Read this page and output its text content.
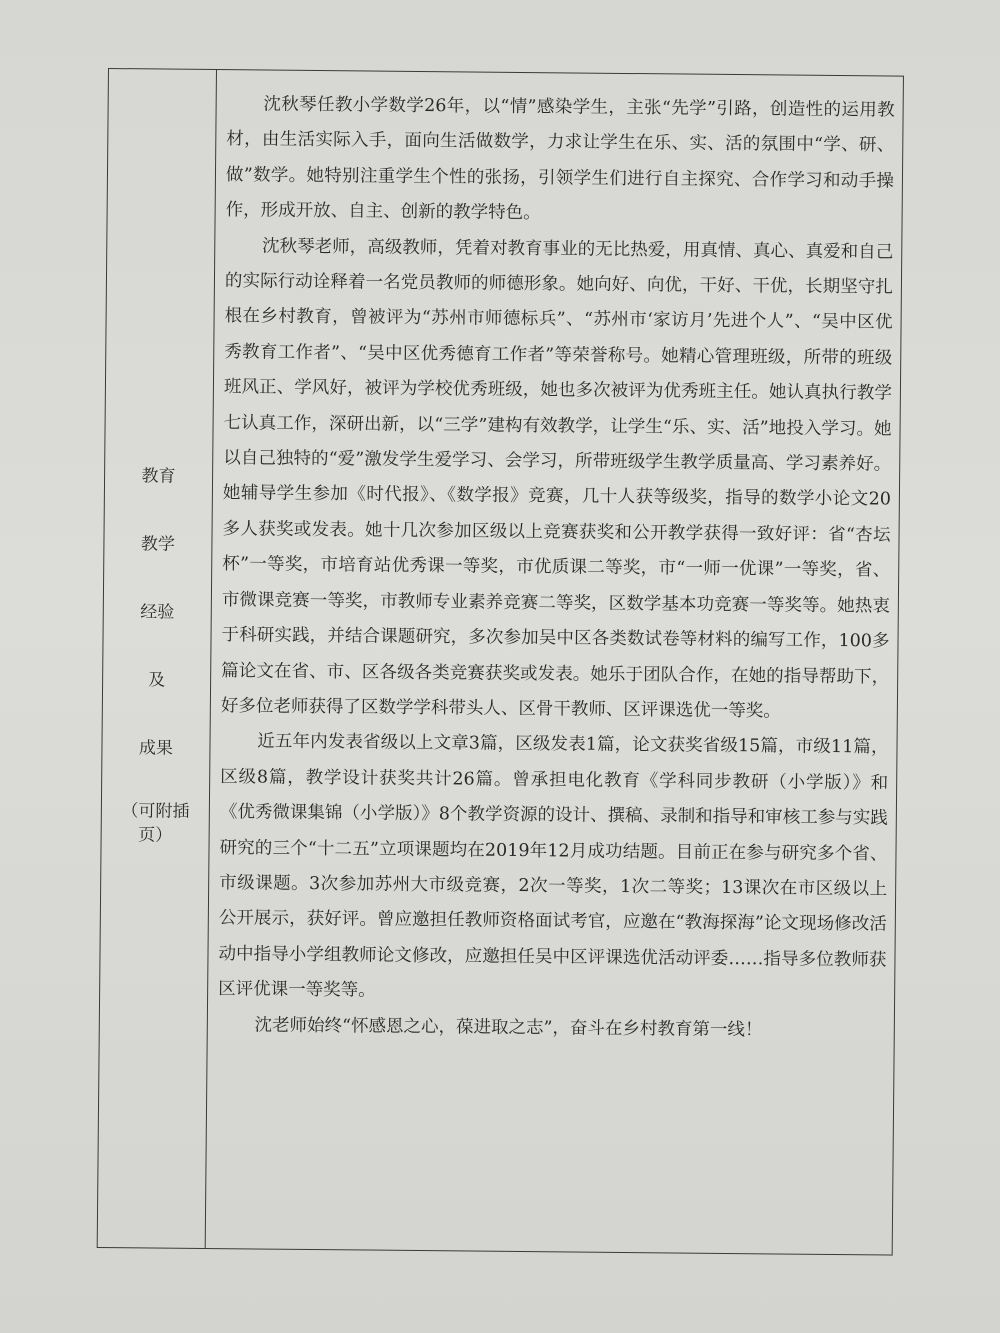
教育
教学
经验
及
成果
（可附插页）

沈秋琴任教小学数学26年，以“情”感染学生，主张“先学”引路，创造性的运用教材，由生活实际入手，面向生活做数学，力求让学生在乐、实、活的氛围中“学、研、做”数学。她特别注重学生个性的张扬，引领学生们进行自主探究、合作学习和动手操作，形成开放、自主、创新的教学特色。

沈秋琴老师，高级教师，凭着对教育事业的无比热爱，用真情、真心、真爱和自己的实际行动诠释着一名党员教师的师德形象。她向好、向优，干好、干优，长期坚守扎根在乡村教育，曾被评为“苏州市师德标兵”、“苏州市‘家访月’先进个人”、“吴中区优秀教育工作者”、“吴中区优秀德育工作者”等荣誉称号。她精心管理班级，所带的班级班风正、学风好，被评为学校优秀班级，她也多次被评为优秀班主任。她认真执行教学七认真工作，深研出新，以“三学”建构有效教学，让学生“乐、实、活”地投入学习。她以自己独特的“爱”激发学生爱学习、会学习，所带班级学生教学质量高、学习素养好。她辅导学生参加《时代报》、《数学报》竞赛，几十人获等级奖，指导的数学小论文20多人获奖或发表。她十几次参加区级以上竞赛获奖和公开教学获得一致好评：省“杏坛杯”一等奖，市培育站优秀课一等奖，市优质课二等奖，市“一师一优课”一等奖，省、市微课竞赛一等奖，市教师专业素养竞赛二等奖，区数学基本功竞赛一等奖等。她热衷于科研实践，并结合课题研究，多次参加吴中区各类数试卷等材料的编写工作，100多篇论文在省、市、区各级各类竞赛获奖或发表。她乐于团队合作，在她的指导帮助下，好多位老师获得了区数学学科带头人、区骨干教师、区评课选优一等奖。

近五年内发表省级以上文章3篇，区级发表1篇，论文获奖省级15篇，市级11篇，区级8篇，教学设计获奖共计26篇。曾承担电化教育《学科同步教研（小学版）》和《优秀微课集锦（小学版）》8个教学资源的设计、撰稿、录制和指导和审核工参与实践研究的三个“十二五”立项课题均在2019年12月成功结题。目前正在参与研究多个省、市级课题。3次参加苏州大市级竞赛，2次一等奖，1次二等奖；13课次在市区级以上公开展示，获好评。曾应邀担任教师资格面试考官，应邀在“教海探海”论文现场修改活动中指导小学组教师论文修改，应邀担任吴中区评课选优活动评委……指导多位教师获区评优课一等奖等。

沈老师始终“怀感恩之心，葆进取之志”，奋斗在乡村教育第一线！
